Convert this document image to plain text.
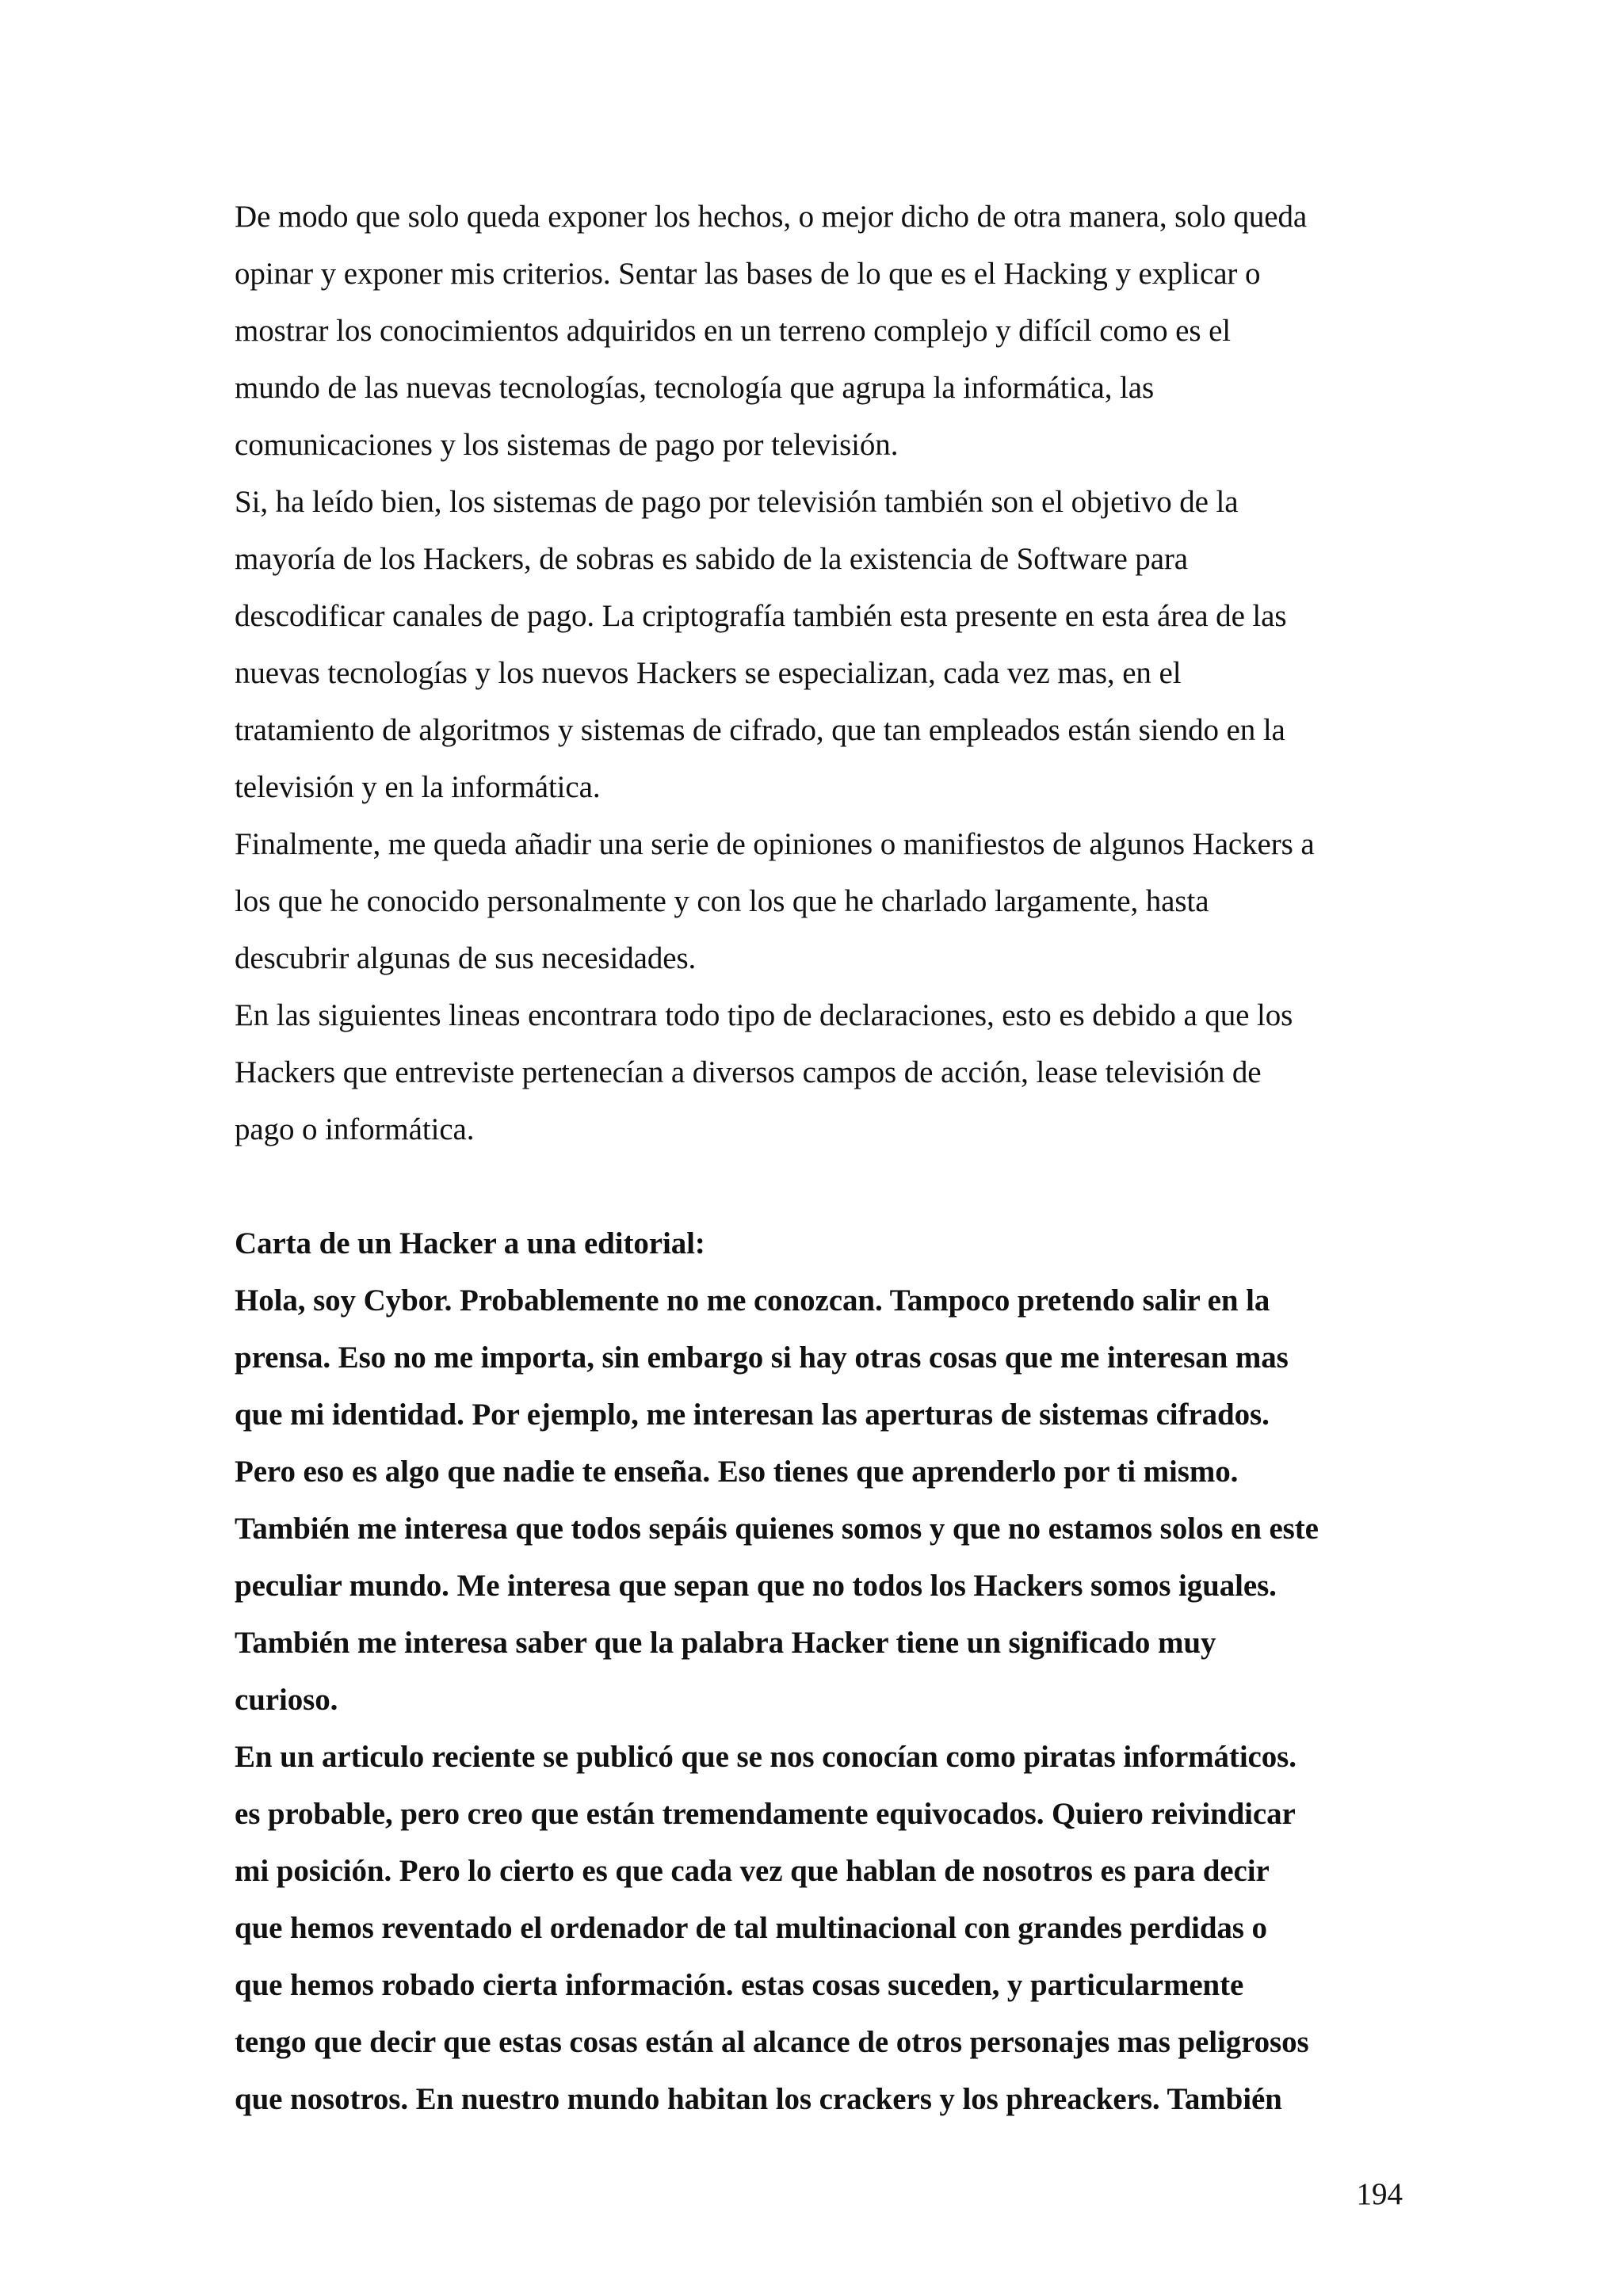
De modo que solo queda exponer los hechos, o mejor dicho de otra manera, solo queda
opinar y exponer mis criterios. Sentar las bases de lo que es el Hacking y explicar o
mostrar los conocimientos adquiridos en un terreno complejo y difícil como es el
mundo de las nuevas tecnologías, tecnología que agrupa la informática, las
comunicaciones y los sistemas de pago por televisión.
Si, ha leído bien, los sistemas de pago por televisión también son el objetivo de la
mayoría de los Hackers, de sobras es sabido de la existencia de Software para
descodificar canales de pago. La criptografía también esta presente en esta área de las
nuevas tecnologías y los nuevos Hackers se especializan, cada vez mas, en el
tratamiento de algoritmos y sistemas de cifrado, que tan empleados están siendo en la
televisión y en la informática.
Finalmente, me queda añadir una serie de opiniones o manifiestos de algunos Hackers a
los que he conocido personalmente y con los que he charlado largamente, hasta
descubrir algunas de sus necesidades.
En las siguientes lineas encontrara todo tipo de declaraciones, esto es debido a que los
Hackers que entreviste pertenecían a diversos campos de acción, lease televisión de
pago o informática.
Carta de un Hacker a una editorial:
Hola, soy Cybor. Probablemente no me conozcan. Tampoco pretendo salir en la
prensa. Eso no me importa, sin embargo si hay otras cosas que me interesan mas
que mi identidad. Por ejemplo, me interesan las aperturas de sistemas cifrados.
Pero eso es algo que nadie te enseña. Eso tienes que aprenderlo por ti mismo.
También me interesa que todos sepáis quienes somos y que no estamos solos en este
peculiar mundo. Me interesa que sepan que no todos los Hackers somos iguales.
También me interesa saber que la palabra Hacker tiene un significado muy
curioso.
En un articulo reciente se publicó que se nos conocían como piratas informáticos.
es probable, pero creo que están tremendamente equivocados. Quiero reivindicar
mi posición. Pero lo cierto es que cada vez que hablan de nosotros es para decir
que hemos reventado el ordenador de tal multinacional con grandes perdidas o
que hemos robado cierta información. estas cosas suceden, y particularmente
tengo que decir que estas cosas están al alcance de otros personajes mas peligrosos
que nosotros. En nuestro mundo habitan los crackers y los phreackers. También
194
